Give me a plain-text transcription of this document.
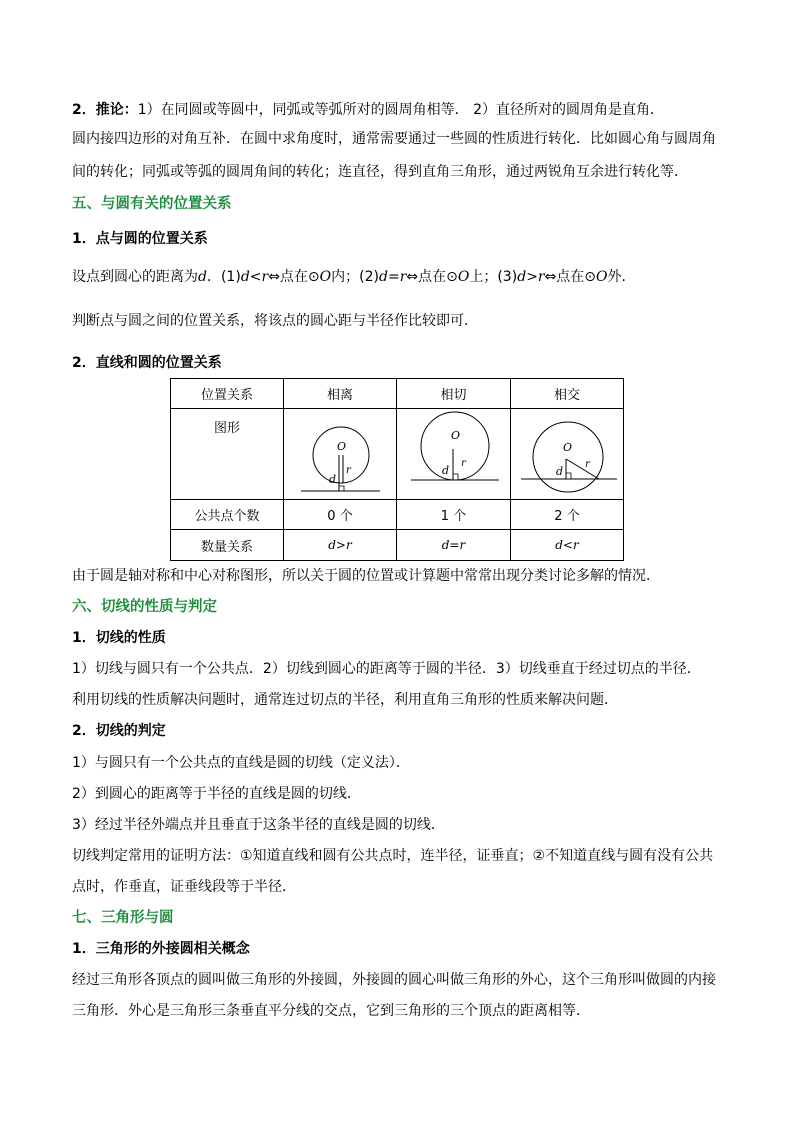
2．推论：1）在同圆或等圆中，同弧或等弧所对的圆周角相等． 2）直径所对的圆周角是直角．
圆内接四边形的对角互补．在圆中求角度时，通常需要通过一些圆的性质进行转化．比如圆心角与圆周角
间的转化；同弧或等弧的圆周角间的转化；连直径，得到直角三角形，通过两锐角互余进行转化等．
五、与圆有关的位置关系
1．点与圆的位置关系
设点到圆心的距离为d．(1)d<r⇔点在⊙O内；(2)d=r⇔点在⊙O上；(3)d>r⇔点在⊙O外．
判断点与圆之间的位置关系，将该点的圆心距与半径作比较即可．
2．直线和圆的位置关系
位置关系	相离	相切	相交

图形	O
d
r	O
d
r	O
d
r

公共点个数	0 个	1 个	2 个
数量关系	d>r	d=r	d<r
由于圆是轴对称和中心对称图形，所以关于圆的位置或计算题中常常出现分类讨论多解的情况．
六、切线的性质与判定
1．切线的性质
1）切线与圆只有一个公共点．2）切线到圆心的距离等于圆的半径．3）切线垂直于经过切点的半径．
利用切线的性质解决问题时，通常连过切点的半径，利用直角三角形的性质来解决问题．
2．切线的判定
1）与圆只有一个公共点的直线是圆的切线（定义法）．
2）到圆心的距离等于半径的直线是圆的切线．
3）经过半径外端点并且垂直于这条半径的直线是圆的切线．
切线判定常用的证明方法：①知道直线和圆有公共点时，连半径，证垂直；②不知道直线与圆有没有公共
点时，作垂直，证垂线段等于半径．
七、三角形与圆
1．三角形的外接圆相关概念
经过三角形各顶点的圆叫做三角形的外接圆，外接圆的圆心叫做三角形的外心，这个三角形叫做圆的内接
三角形．外心是三角形三条垂直平分线的交点，它到三角形的三个顶点的距离相等．
